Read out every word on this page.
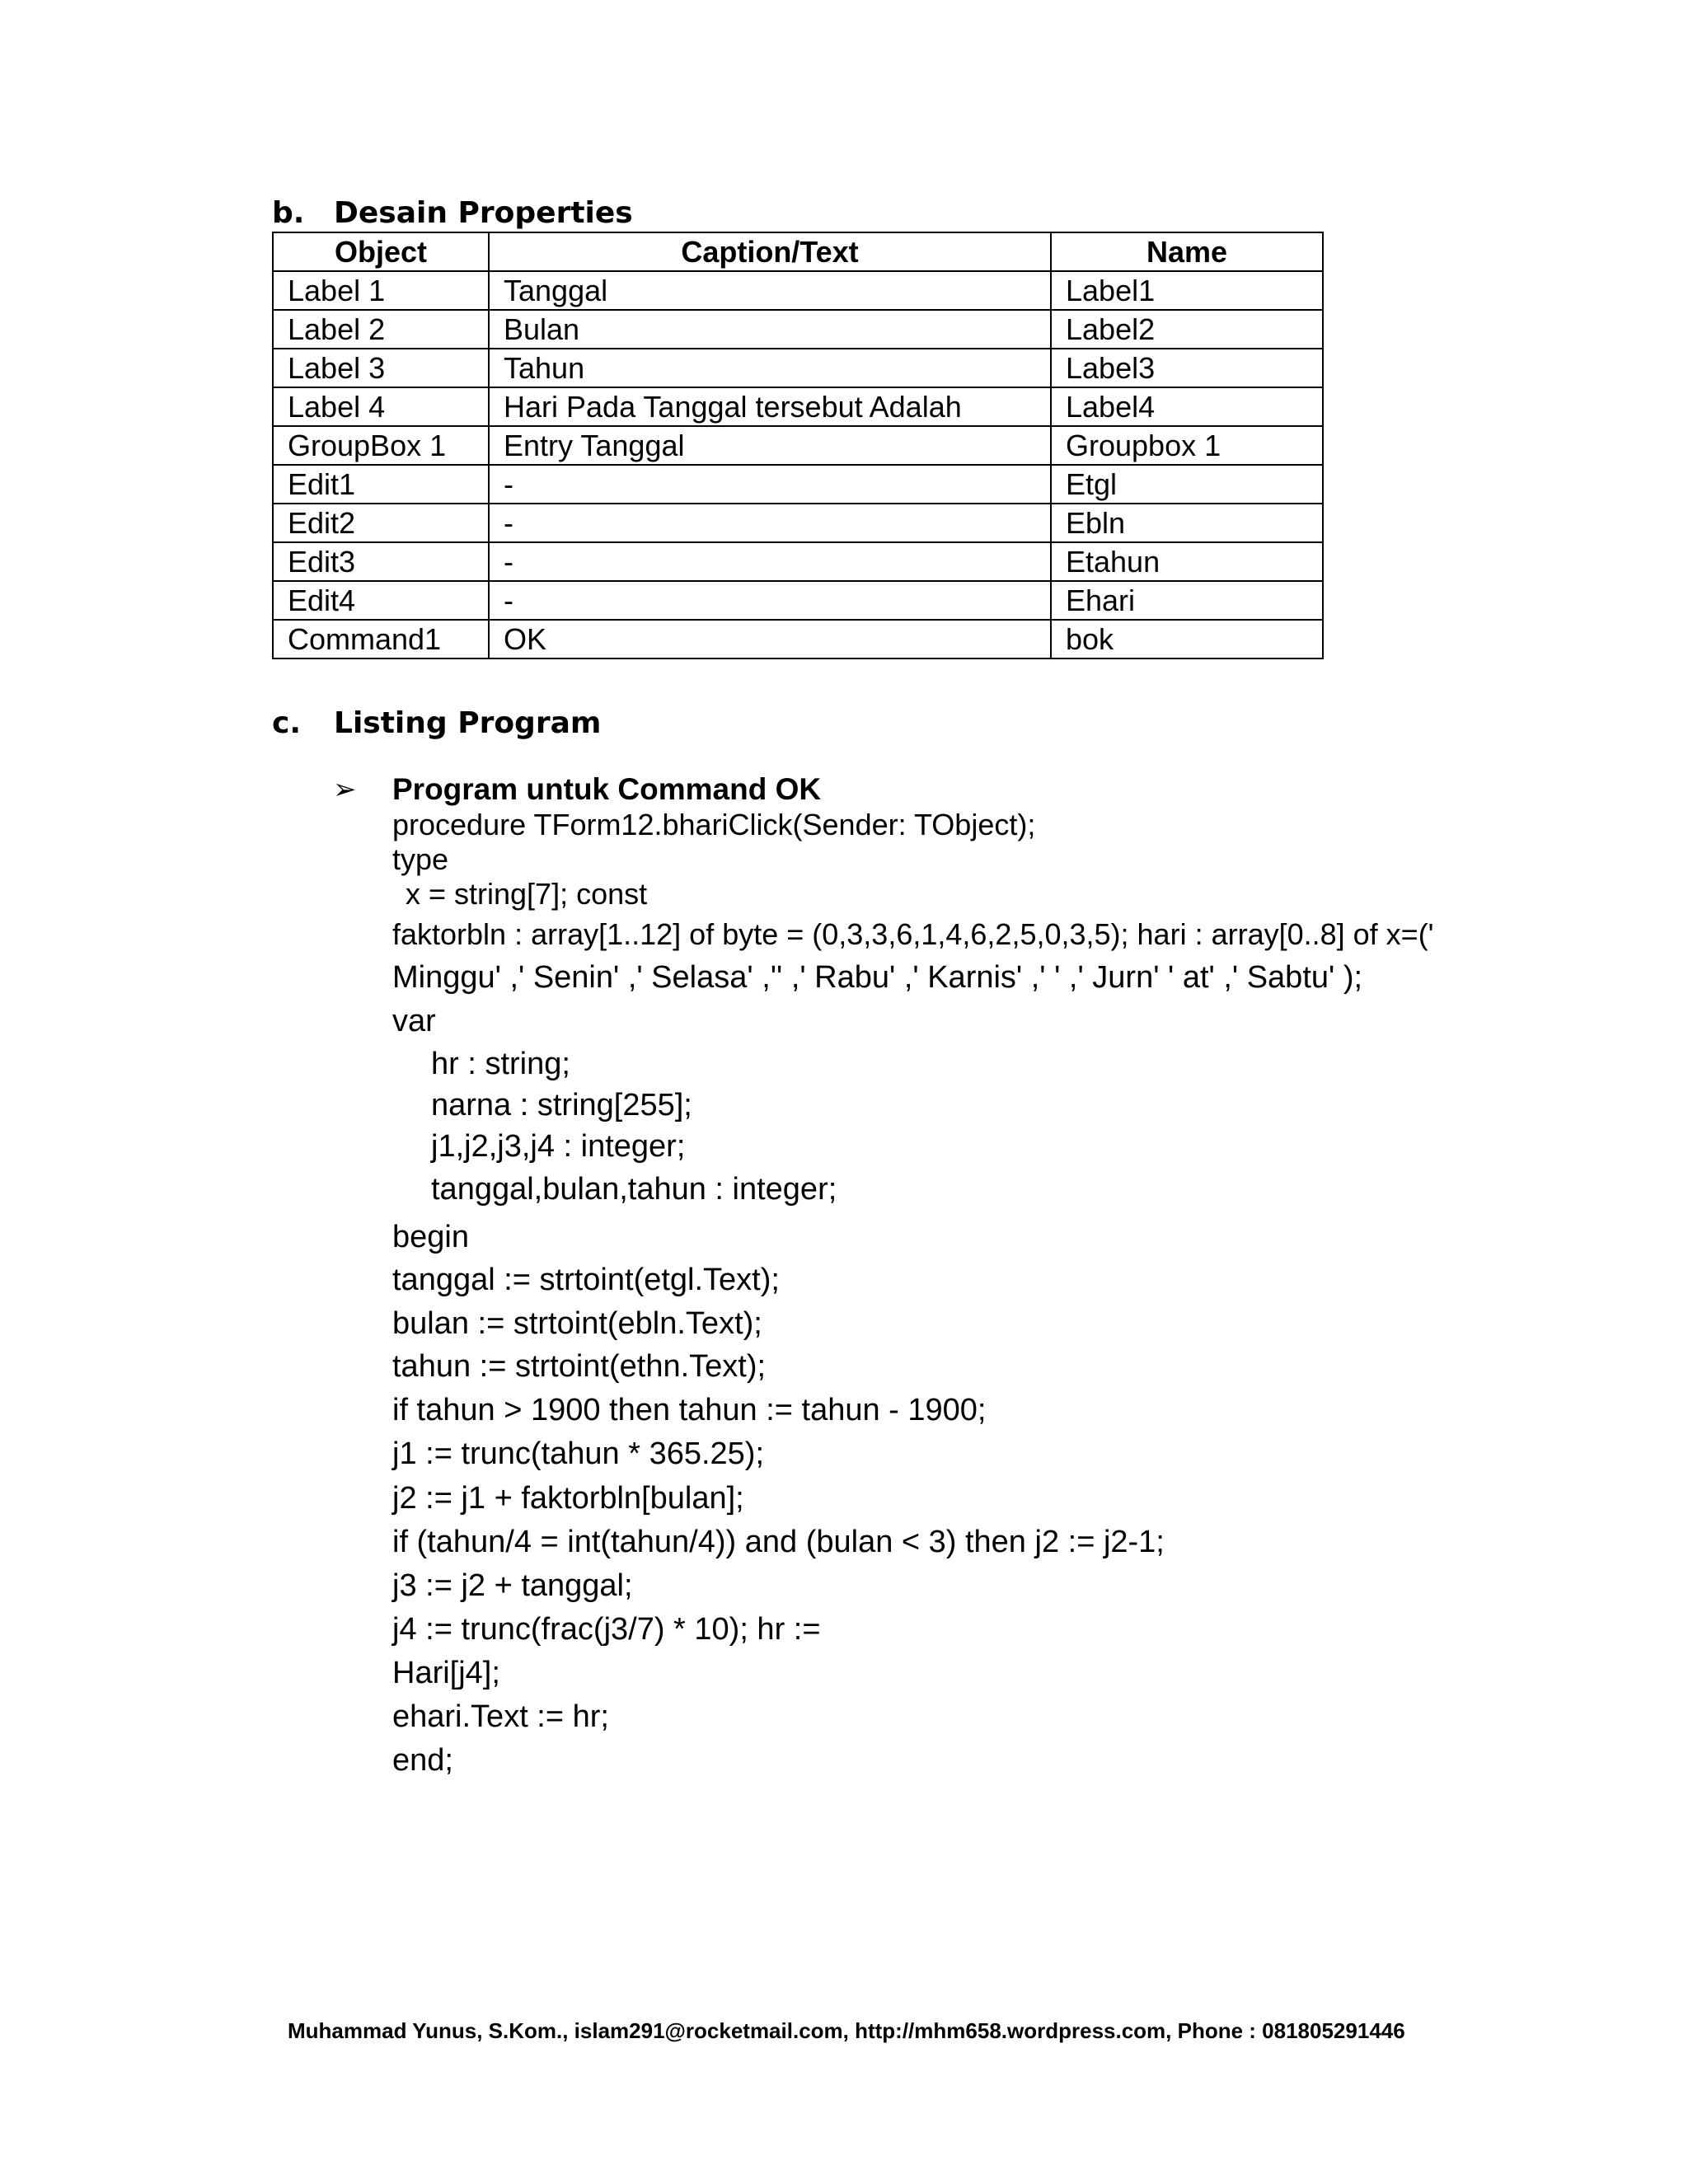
b. Desain Properties
Object	Caption/Text	Name
Label 1	Tanggal	Label1
Label 2	Bulan	Label2
Label 3	Tahun	Label3
Label 4	Hari Pada Tanggal tersebut Adalah	Label4
GroupBox 1	Entry Tanggal	Groupbox 1
Edit1	-	Etgl
Edit2	-	Ebln
Edit3	-	Etahun
Edit4	-	Ehari
Command1	OK	bok
c. Listing Program
➢ Program untuk Command OK
procedure TForm12.bhariClick(Sender: TObject);
type
x = string[7]; const
faktorbln : array[1..12] of byte = (0,3,3,6,1,4,6,2,5,0,3,5); hari : array[0..8] of x=('
Minggu' ,' Senin' ,' Selasa' ,'' ,' Rabu' ,' Karnis' ,' ' ,' Jurn' ' at' ,' Sabtu' );
var
hr : string;
narna : string[255];
j1,j2,j3,j4 : integer;
tanggal,bulan,tahun : integer;
begin
tanggal := strtoint(etgl.Text);
bulan := strtoint(ebln.Text);
tahun := strtoint(ethn.Text);
if tahun > 1900 then tahun := tahun - 1900;
j1 := trunc(tahun * 365.25);
j2 := j1 + faktorbln[bulan];
if (tahun/4 = int(tahun/4)) and (bulan < 3) then j2 := j2-1;
j3 := j2 + tanggal;
j4 := trunc(frac(j3/7) * 10); hr :=
Hari[j4];
ehari.Text := hr;
end;
Muhammad Yunus, S.Kom., islam291@rocketmail.com, http://mhm658.wordpress.com, Phone : 081805291446
